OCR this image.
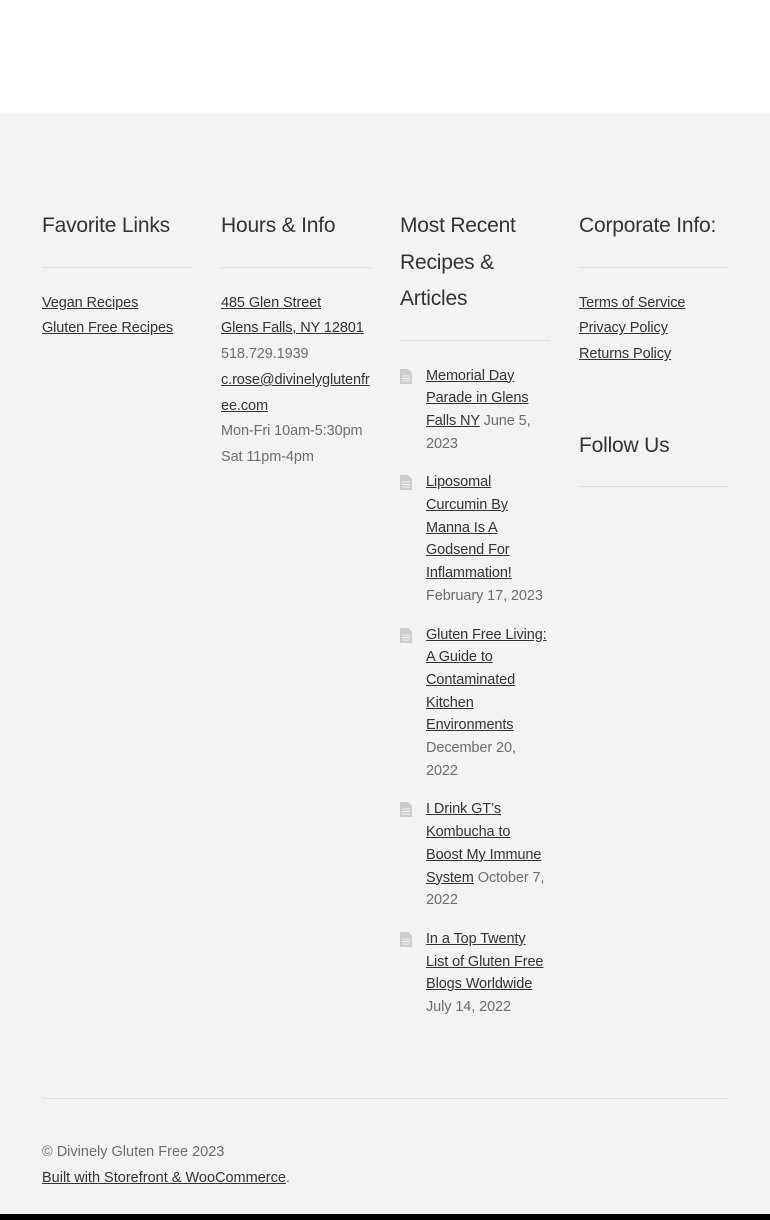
Favorite Links
Vegan Recipes
Gluten Free Recipes
Hours & Info
485 Glen Street
Glens Falls, NY 12801
518.729.1939
c.rose@divinelyglutenfree.com
Mon-Fri 10am-5:30pm
Sat 11pm-4pm
Most Recent Recipes & Articles
Memorial Day Parade in Glens Falls NY June 5, 2023
Liposomal Curcumin By Manna Is A Godsend For Inflammation! February 17, 2023
Gluten Free Living: A Guide to Contaminated Kitchen Environments December 20, 2022
I Drink GT’s Kombucha to Boost My Immune System October 7, 2022
In a Top Twenty List of Gluten Free Blogs Worldwide July 14, 2022
Corporate Info:
Terms of Service
Privacy Policy
Returns Policy
Follow Us
© Divinely Gluten Free 2023
Built with Storefront & WooCommerce.
